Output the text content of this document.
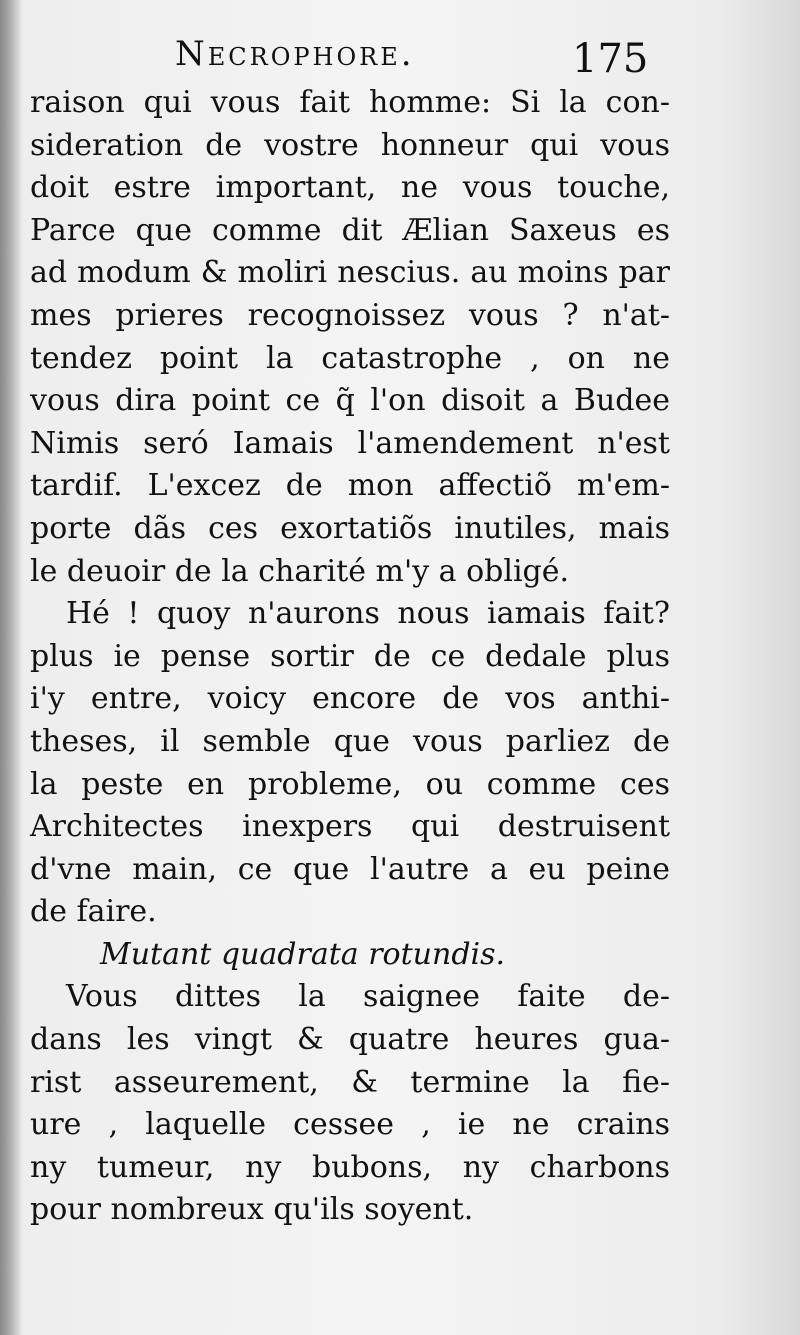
Necrophore.	175
raison qui vous fait homme: Si la con-
sideration de vostre honneur qui vous
doit estre important, ne vous touche,
Parce que comme dit Ælian Saxeus es
ad modum & moliri nescius. au moins par
mes prieres recognoissez vous ? n'at-
tendez point la catastrophe , on ne
vous dira point ce q̃ l'on disoit a Budee
Nimis seró Iamais l'amendement n'est
tardif. L'excez de mon affectiõ m'em-
porte dãs ces exortatiõs inutiles, mais
le deuoir de la charité m'y a obligé.
Hé ! quoy n'aurons nous iamais fait?
plus ie pense sortir de ce dedale plus
i'y entre, voicy encore de vos anthi-
theses, il semble que vous parliez de
la peste en probleme, ou comme ces
Architectes inexpers qui destruisent
d'vne main, ce que l'autre a eu peine
de faire.
Mutant quadrata rotundis.
Vous dittes la saignee faite de-
dans les vingt & quatre heures gua-
rist asseurement, & termine la fie-
ure , laquelle cessee , ie ne crains
ny tumeur, ny bubons, ny charbons
pour nombreux qu'ils soyent.
